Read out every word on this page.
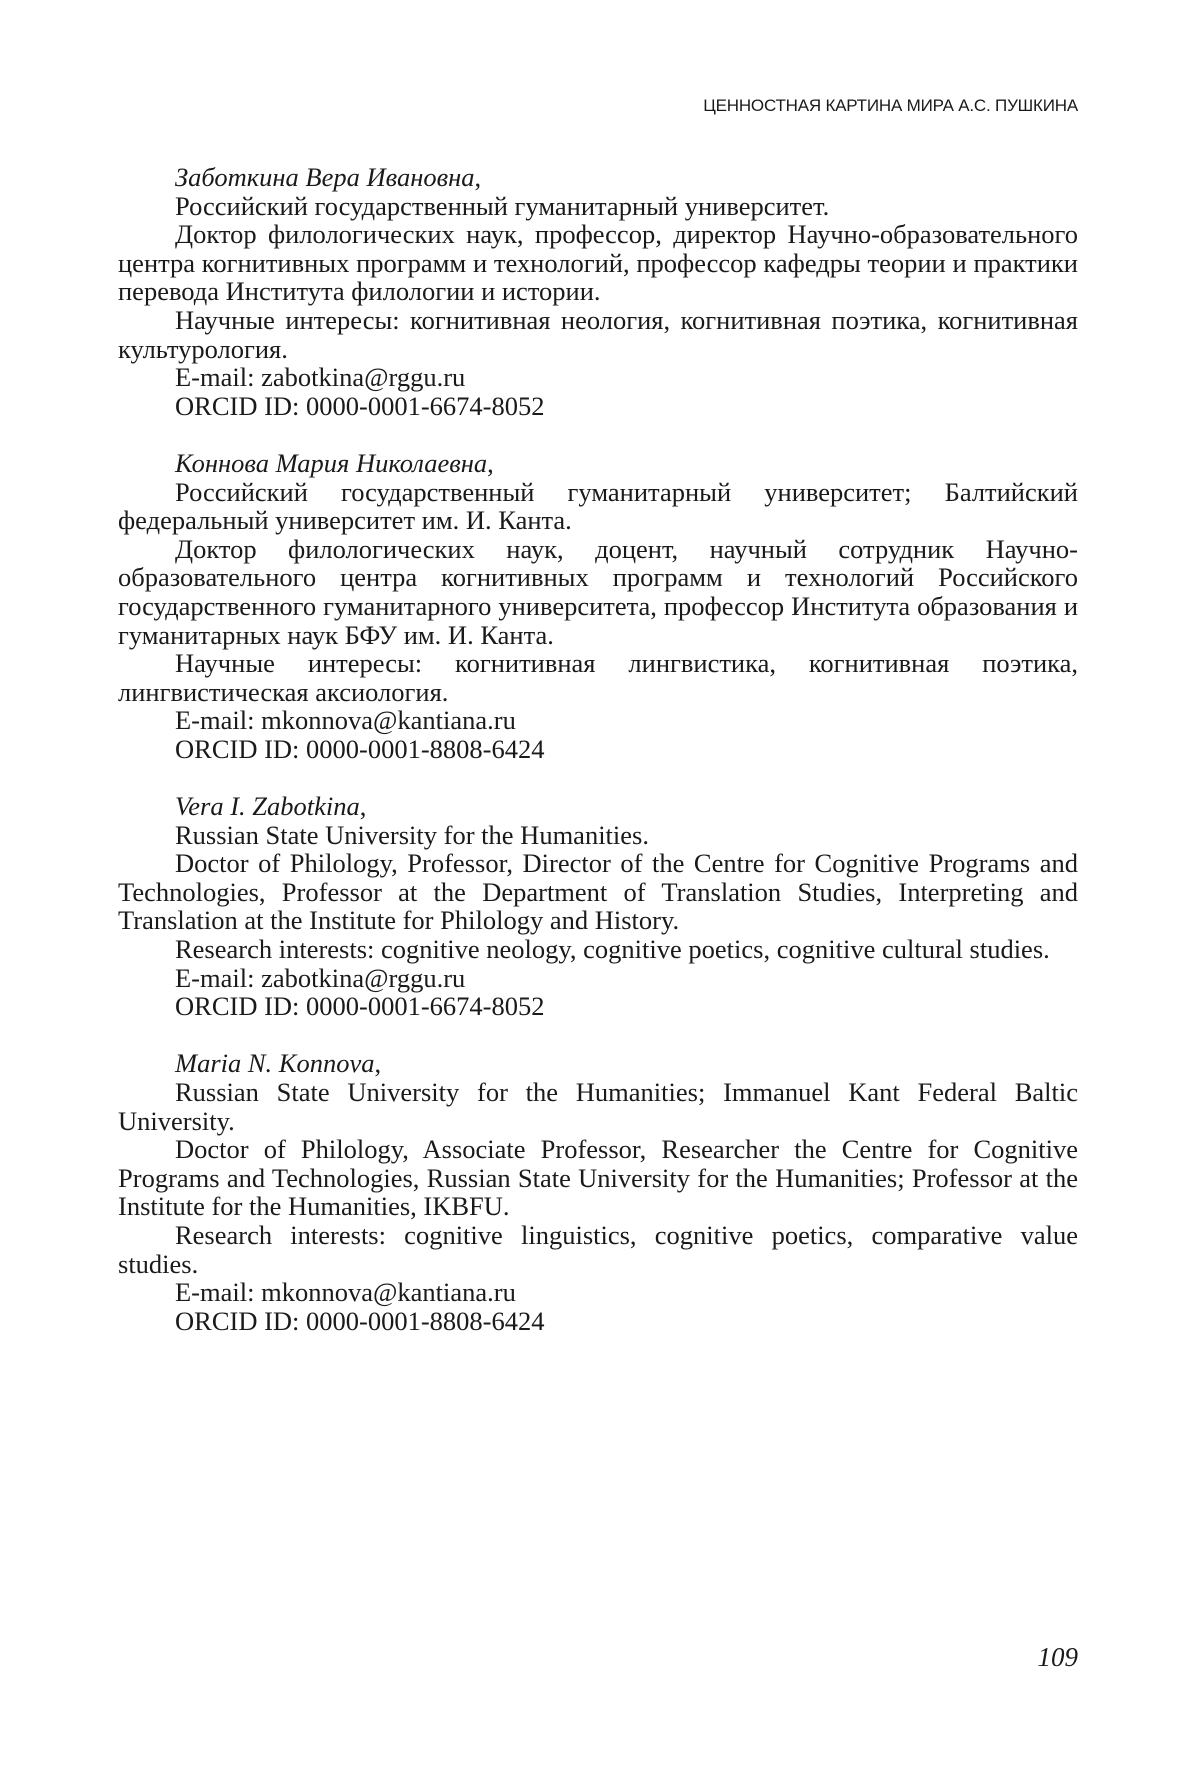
ЦЕННОСТНАЯ КАРТИНА МИРА А.С. ПУШКИНА

Заботкина Вера Ивановна,

Российский государственный гуманитарный университет.

Доктор филологических наук, профессор, директор Научно-образовательного центра когнитивных программ и технологий, профессор кафедры теории и практики перевода Института филологии и истории.

Научные интересы: когнитивная неология, когнитивная поэтика, когнитивная культурология.

E-mail: zabotkina@rggu.ru

ORCID ID: 0000-0001-6674-8052

Коннова Мария Николаевна,

Российский государственный гуманитарный университет; Балтийский федеральный университет им. И. Канта.

Доктор филологических наук, доцент, научный сотрудник Научно-образовательного центра когнитивных программ и технологий Российского государственного гуманитарного университета, профессор Института образования и гуманитарных наук БФУ им. И. Канта.

Научные интересы: когнитивная лингвистика, когнитивная поэтика, лингвистическая аксиология.

E-mail: mkonnova@kantiana.ru

ORCID ID: 0000-0001-8808-6424

Vera I. Zabotkina,

Russian State University for the Humanities.

Doctor of Philology, Professor, Director of the Centre for Cognitive Programs and Technologies, Professor at the Department of Translation Studies, Interpreting and Translation at the Institute for Philology and History.

Research interests: cognitive neology, cognitive poetics, cognitive cultural studies.

E-mail: zabotkina@rggu.ru

ORCID ID: 0000-0001-6674-8052

Maria N. Konnova,

Russian State University for the Humanities; Immanuel Kant Federal Baltic University.

Doctor of Philology, Associate Professor, Researcher the Centre for Cognitive Programs and Technologies, Russian State University for the Humanities; Professor at the Institute for the Humanities, IKBFU.

Research interests: cognitive linguistics, cognitive poetics, comparative value studies.

E-mail: mkonnova@kantiana.ru

ORCID ID: 0000-0001-8808-6424

109
